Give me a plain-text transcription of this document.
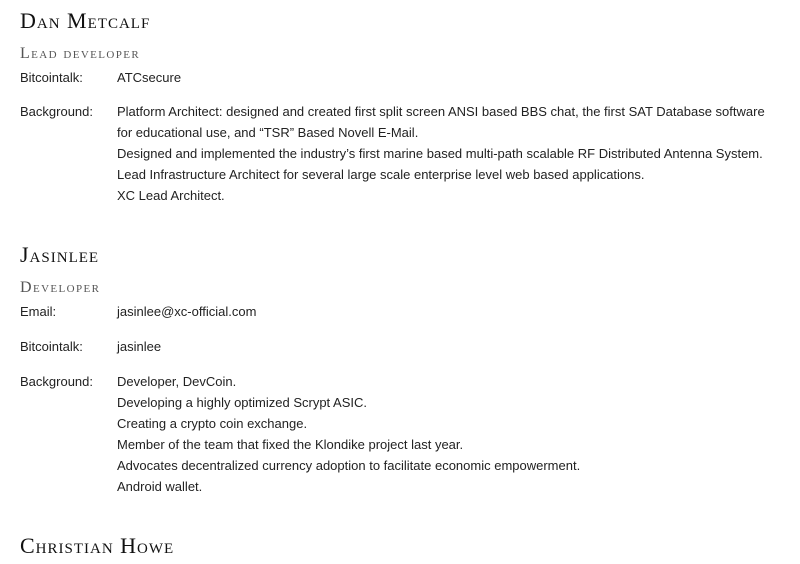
Dan Metcalf
Lead developer
Bitcointalk:	ATCsecure
Background:	Platform Architect: designed and created first split screen ANSI based BBS chat, the first SAT Database software
for educational use, and “TSR” Based Novell E-Mail.
Designed and implemented the industry’s first marine based multi-path scalable RF Distributed Antenna System.
Lead Infrastructure Architect for several large scale enterprise level web based applications.
XC Lead Architect.
Jasinlee
Developer
Email:	jasinlee@xc-official.com
Bitcointalk:	jasinlee
Background:	Developer, DevCoin.
Developing a highly optimized Scrypt ASIC.
Creating a crypto coin exchange.
Member of the team that fixed the Klondike project last year.
Advocates decentralized currency adoption to facilitate economic empowerment.
Android wallet.
Christian Howe
